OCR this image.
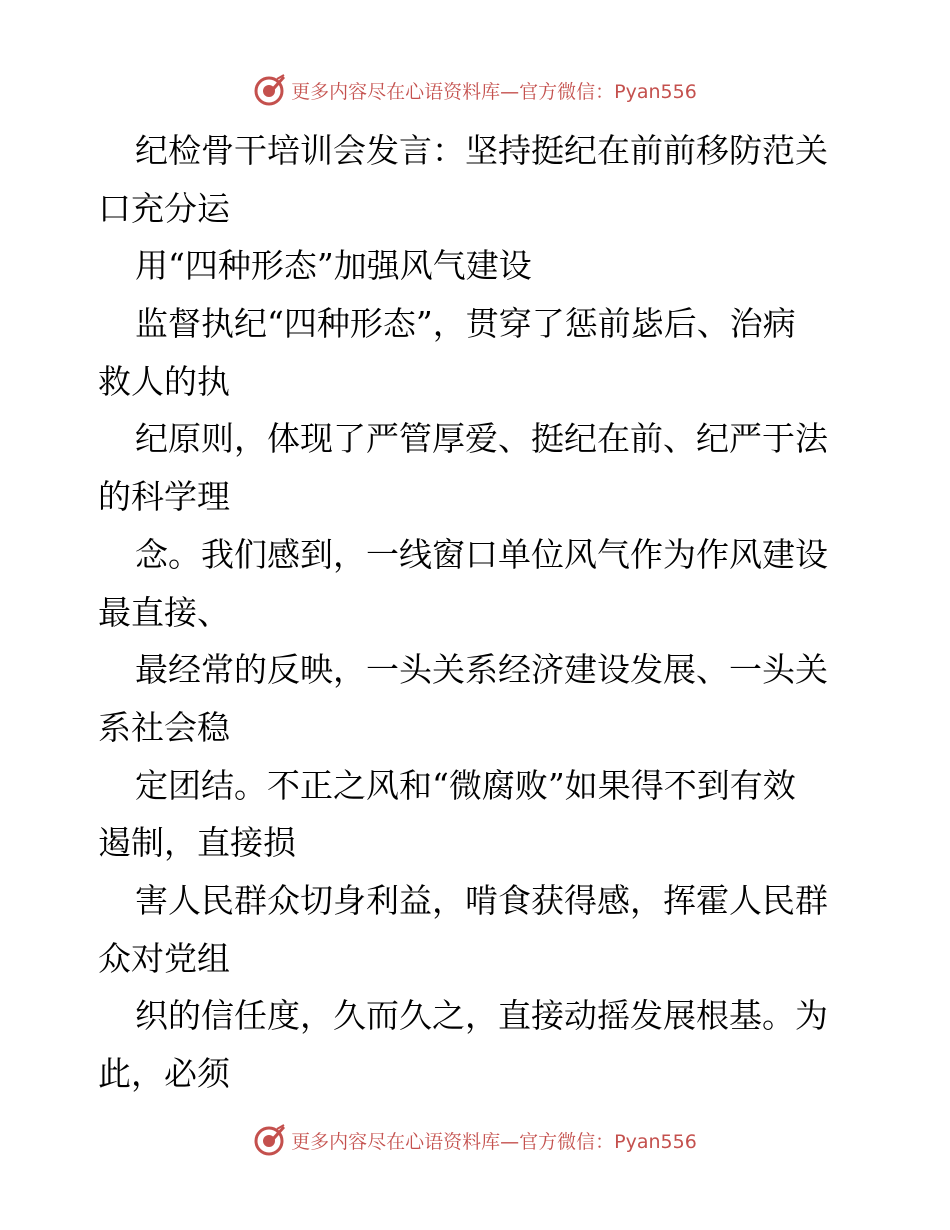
更多内容尽在心语资料库—官方微信：Pyan556
纪检骨干培训会发言：坚持挺纪在前前移防范关
口充分运
用“四种形态”加强风气建设
监督执纪“四种形态”，贯穿了惩前毖后、治病
救人的执
纪原则，体现了严管厚爱、挺纪在前、纪严于法
的科学理
念。我们感到，一线窗口单位风气作为作风建设
最直接、
最经常的反映，一头关系经济建设发展、一头关
系社会稳
定团结。不正之风和“微腐败”如果得不到有效
遏制，直接损
害人民群众切身利益，啃食获得感，挥霍人民群
众对党组
织的信任度，久而久之，直接动摇发展根基。为
此，必须
更多内容尽在心语资料库—官方微信：Pyan556
